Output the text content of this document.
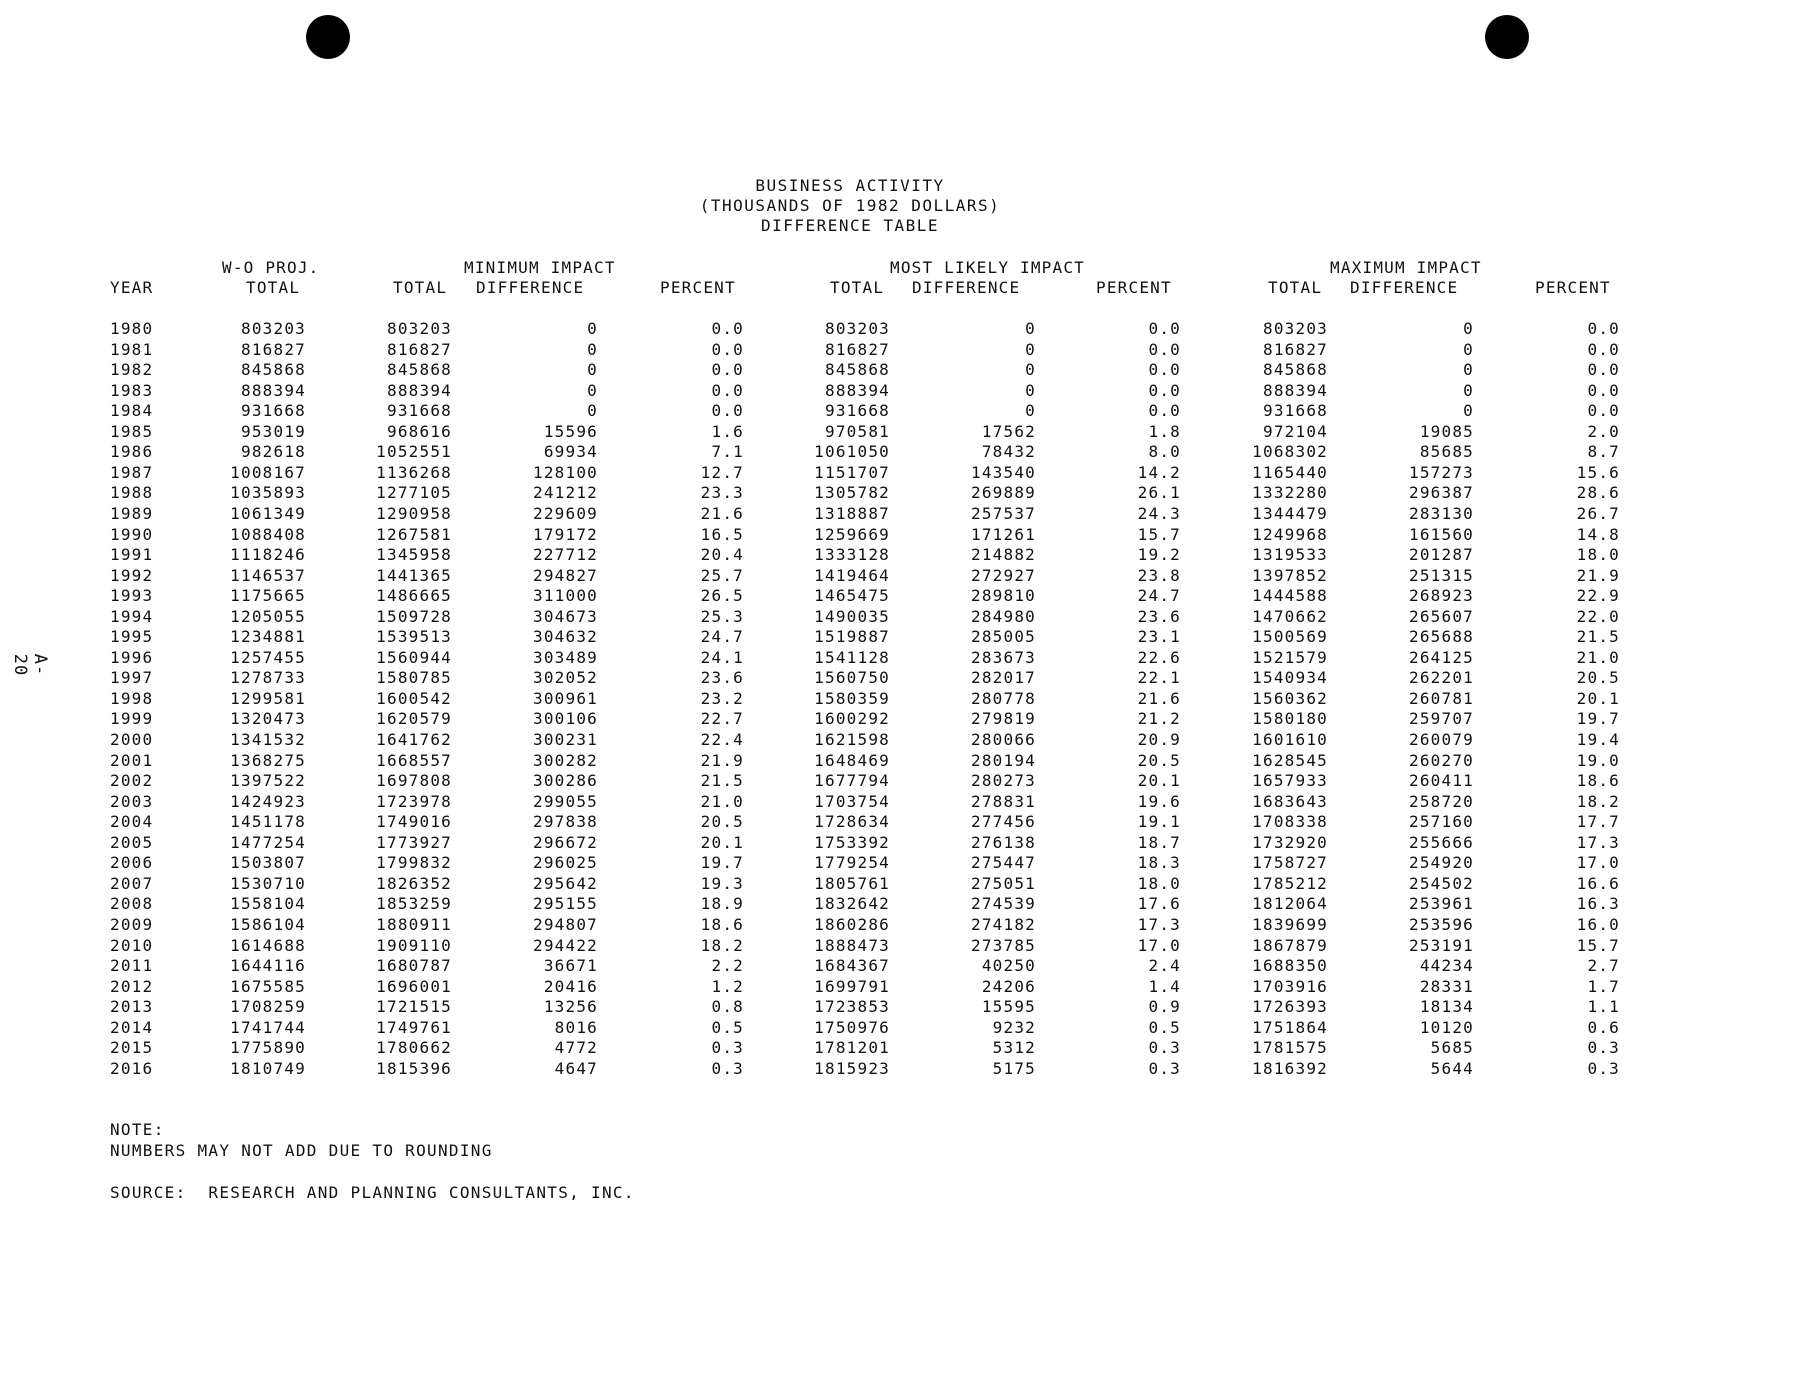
A-20
BUSINESS ACTIVITY
(THOUSANDS OF 1982 DOLLARS)
DIFFERENCE TABLE
W-O PROJ.	MINIMUM IMPACT	MOST LIKELY IMPACT	MAXIMUM IMPACT
YEAR	TOTAL	TOTAL DIFFERENCE	PERCENT	TOTAL DIFFERENCE	PERCENT	TOTAL DIFFERENCE	PERCENT
1980	803203	803203	0	0.0	803203	0	0.0	803203	0	0.0
1981	816827	816827	0	0.0	816827	0	0.0	816827	0	0.0
1982	845868	845868	0	0.0	845868	0	0.0	845868	0	0.0
1983	888394	888394	0	0.0	888394	0	0.0	888394	0	0.0
1984	931668	931668	0	0.0	931668	0	0.0	931668	0	0.0
1985	953019	968616	15596	1.6	970581	17562	1.8	972104	19085	2.0
1986	982618	1052551	69934	7.1	1061050	78432	8.0	1068302	85685	8.7
1987	1008167	1136268	128100	12.7	1151707	143540	14.2	1165440	157273	15.6
1988	1035893	1277105	241212	23.3	1305782	269889	26.1	1332280	296387	28.6
1989	1061349	1290958	229609	21.6	1318887	257537	24.3	1344479	283130	26.7
1990	1088408	1267581	179172	16.5	1259669	171261	15.7	1249968	161560	14.8
1991	1118246	1345958	227712	20.4	1333128	214882	19.2	1319533	201287	18.0
1992	1146537	1441365	294827	25.7	1419464	272927	23.8	1397852	251315	21.9
1993	1175665	1486665	311000	26.5	1465475	289810	24.7	1444588	268923	22.9
1994	1205055	1509728	304673	25.3	1490035	284980	23.6	1470662	265607	22.0
1995	1234881	1539513	304632	24.7	1519887	285005	23.1	1500569	265688	21.5
1996	1257455	1560944	303489	24.1	1541128	283673	22.6	1521579	264125	21.0
1997	1278733	1580785	302052	23.6	1560750	282017	22.1	1540934	262201	20.5
1998	1299581	1600542	300961	23.2	1580359	280778	21.6	1560362	260781	20.1
1999	1320473	1620579	300106	22.7	1600292	279819	21.2	1580180	259707	19.7
2000	1341532	1641762	300231	22.4	1621598	280066	20.9	1601610	260079	19.4
2001	1368275	1668557	300282	21.9	1648469	280194	20.5	1628545	260270	19.0
2002	1397522	1697808	300286	21.5	1677794	280273	20.1	1657933	260411	18.6
2003	1424923	1723978	299055	21.0	1703754	278831	19.6	1683643	258720	18.2
2004	1451178	1749016	297838	20.5	1728634	277456	19.1	1708338	257160	17.7
2005	1477254	1773927	296672	20.1	1753392	276138	18.7	1732920	255666	17.3
2006	1503807	1799832	296025	19.7	1779254	275447	18.3	1758727	254920	17.0
2007	1530710	1826352	295642	19.3	1805761	275051	18.0	1785212	254502	16.6
2008	1558104	1853259	295155	18.9	1832642	274539	17.6	1812064	253961	16.3
2009	1586104	1880911	294807	18.6	1860286	274182	17.3	1839699	253596	16.0
2010	1614688	1909110	294422	18.2	1888473	273785	17.0	1867879	253191	15.7
2011	1644116	1680787	36671	2.2	1684367	40250	2.4	1688350	44234	2.7
2012	1675585	1696001	20416	1.2	1699791	24206	1.4	1703916	28331	1.7
2013	1708259	1721515	13256	0.8	1723853	15595	0.9	1726393	18134	1.1
2014	1741744	1749761	8016	0.5	1750976	9232	0.5	1751864	10120	0.6
2015	1775890	1780662	4772	0.3	1781201	5312	0.3	1781575	5685	0.3
2016	1810749	1815396	4647	0.3	1815923	5175	0.3	1816392	5644	0.3
NOTE:
NUMBERS MAY NOT ADD DUE TO ROUNDING
SOURCE:  RESEARCH AND PLANNING CONSULTANTS, INC.
